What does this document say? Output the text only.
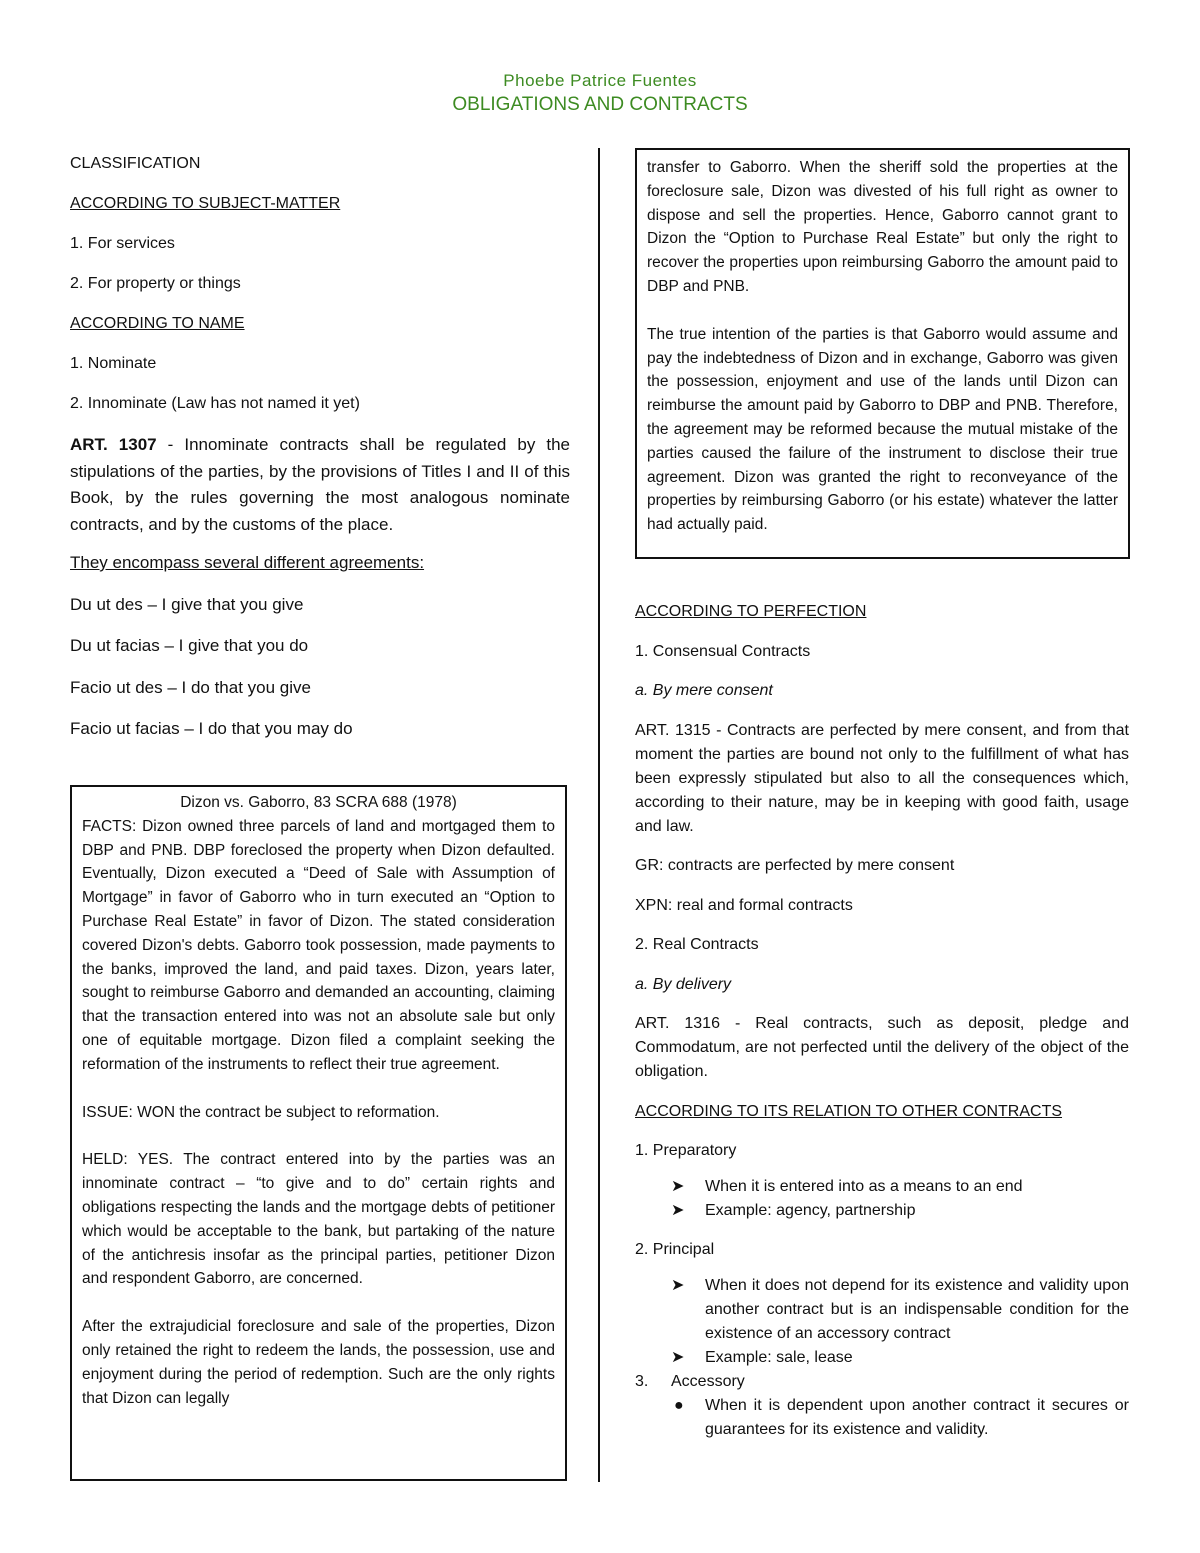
Phoebe Patrice Fuentes
OBLIGATIONS AND CONTRACTS

CLASSIFICATION

ACCORDING TO SUBJECT-MATTER

1. For services

2. For property or things

ACCORDING TO NAME

1. Nominate

2. Innominate (Law has not named it yet)

ART. 1307 - Innominate contracts shall be regulated by the stipulations of the parties, by the provisions of Titles I and II of this Book, by the rules governing the most analogous nominate contracts, and by the customs of the place.

They encompass several different agreements:

Du ut des – I give that you give

Du ut facias – I give that you do

Facio ut des – I do that you give

Facio ut facias – I do that you may do

Dizon vs. Gaborro, 83 SCRA 688 (1978)

FACTS: Dizon owned three parcels of land and mortgaged them to DBP and PNB. DBP foreclosed the property when Dizon defaulted. Eventually, Dizon executed a “Deed of Sale with Assumption of Mortgage” in favor of Gaborro who in turn executed an “Option to Purchase Real Estate” in favor of Dizon. The stated consideration covered Dizon's debts. Gaborro took possession, made payments to the banks, improved the land, and paid taxes. Dizon, years later, sought to reimburse Gaborro and demanded an accounting, claiming that the transaction entered into was not an absolute sale but only one of equitable mortgage. Dizon filed a complaint seeking the reformation of the instruments to reflect their true agreement.

ISSUE: WON the contract be subject to reformation.

HELD: YES. The contract entered into by the parties was an innominate contract – “to give and to do” certain rights and obligations respecting the lands and the mortgage debts of petitioner which would be acceptable to the bank, but partaking of the nature of the antichresis insofar as the principal parties, petitioner Dizon and respondent Gaborro, are concerned.

After the extrajudicial foreclosure and sale of the properties, Dizon only retained the right to redeem the lands, the possession, use and enjoyment during the period of redemption. Such are the only rights that Dizon can legally

transfer to Gaborro. When the sheriff sold the properties at the foreclosure sale, Dizon was divested of his full right as owner to dispose and sell the properties. Hence, Gaborro cannot grant to Dizon the “Option to Purchase Real Estate” but only the right to recover the properties upon reimbursing Gaborro the amount paid to DBP and PNB.

The true intention of the parties is that Gaborro would assume and pay the indebtedness of Dizon and in exchange, Gaborro was given the possession, enjoyment and use of the lands until Dizon can reimburse the amount paid by Gaborro to DBP and PNB. Therefore, the agreement may be reformed because the mutual mistake of the parties caused the failure of the instrument to disclose their true agreement. Dizon was granted the right to reconveyance of the properties by reimbursing Gaborro (or his estate) whatever the latter had actually paid.

ACCORDING TO PERFECTION

1. Consensual Contracts

a. By mere consent

ART. 1315 - Contracts are perfected by mere consent, and from that moment the parties are bound not only to the fulfillment of what has been expressly stipulated but also to all the consequences which, according to their nature, may be in keeping with good faith, usage and law.

GR: contracts are perfected by mere consent

XPN: real and formal contracts

2. Real Contracts

a. By delivery

ART. 1316 - Real contracts, such as deposit, pledge and Commodatum, are not perfected until the delivery of the object of the obligation.

ACCORDING TO ITS RELATION TO OTHER CONTRACTS

1. Preparatory

➤ When it is entered into as a means to an end
➤ Example: agency, partnership

2. Principal

➤ When it does not depend for its existence and validity upon another contract but is an indispensable condition for the existence of an accessory contract
➤ Example: sale, lease

3. Accessory

● When it is dependent upon another contract it secures or guarantees for its existence and validity.
